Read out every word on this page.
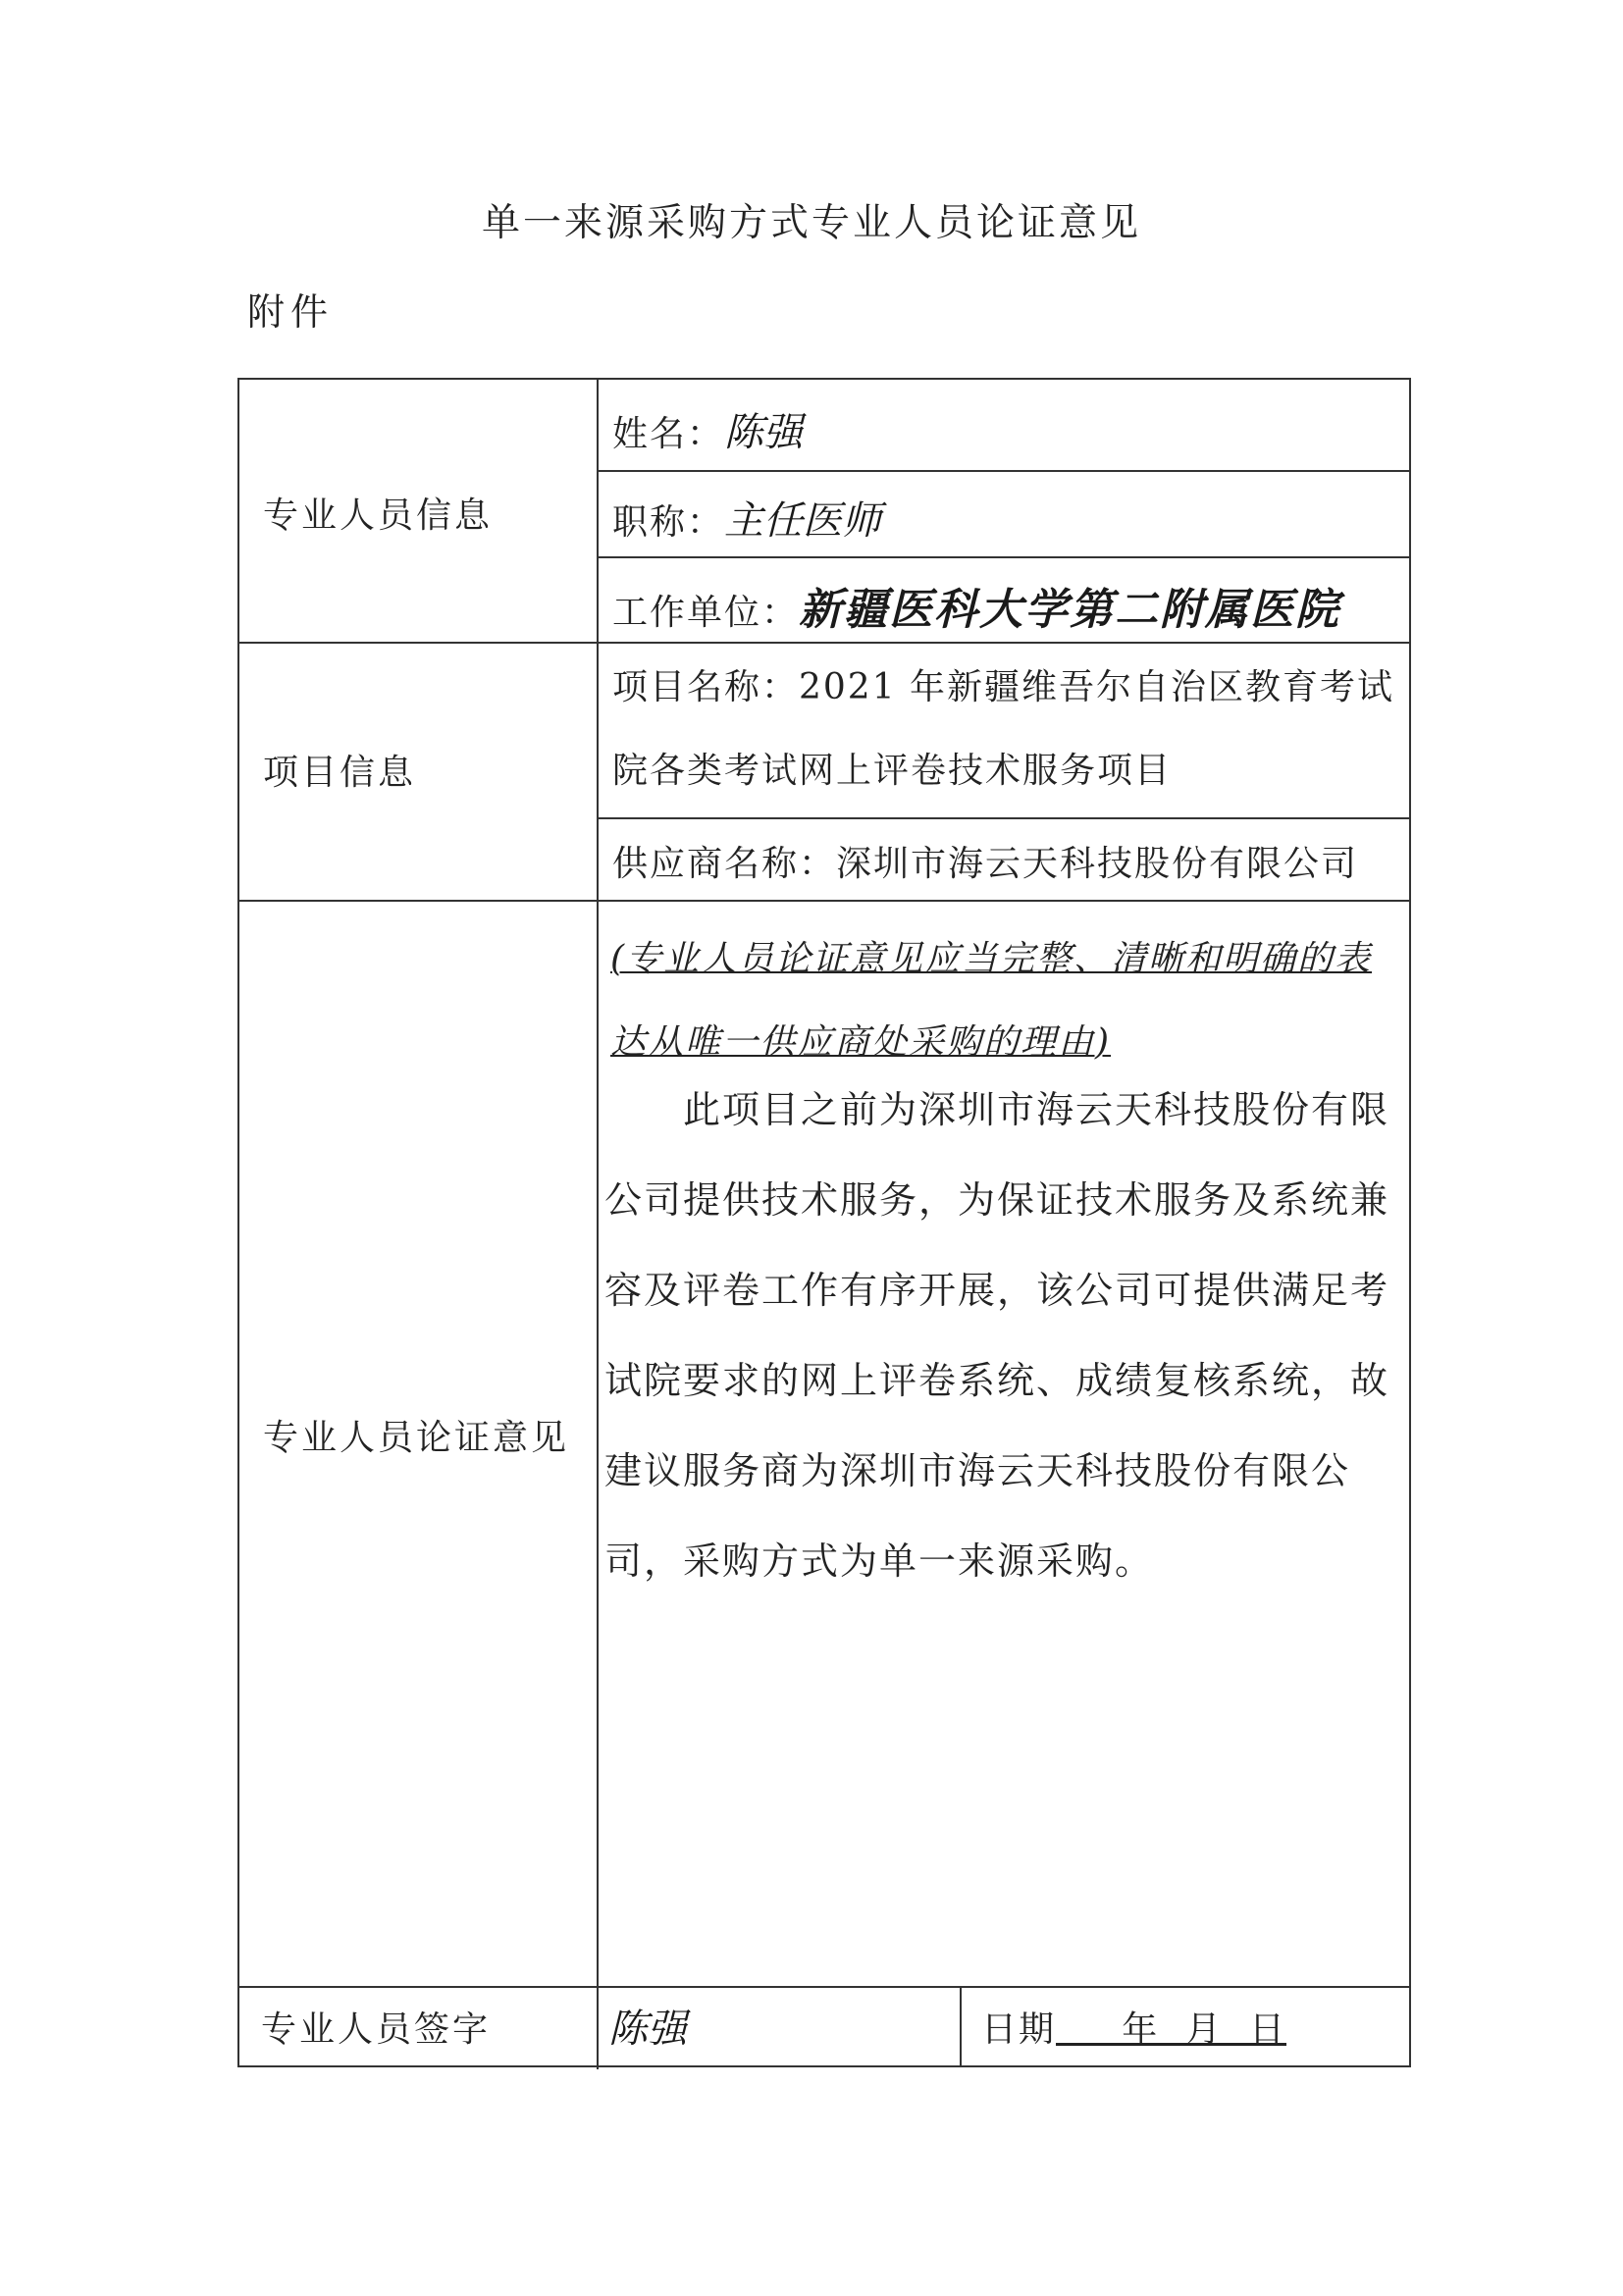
单一来源采购方式专业人员论证意见
附件
专业人员信息
姓名：陈强
职称：主任医师
工作单位：新疆医科大学第二附属医院
项目信息
项目名称：2021 年新疆维吾尔自治区教育考试
院各类考试网上评卷技术服务项目
供应商名称：深圳市海云天科技股份有限公司
专业人员论证意见
(专业人员论证意见应当完整、清晰和明确的表达从唯一供应商处采购的理由)
此项目之前为深圳市海云天科技股份有限公司提供技术服务，为保证技术服务及系统兼容及评卷工作有序开展，该公司可提供满足考试院要求的网上评卷系统、成绩复核系统，故建议服务商为深圳市海云天科技股份有限公司，采购方式为单一来源采购。
专业人员签字	陈强	日期     年  月  日
